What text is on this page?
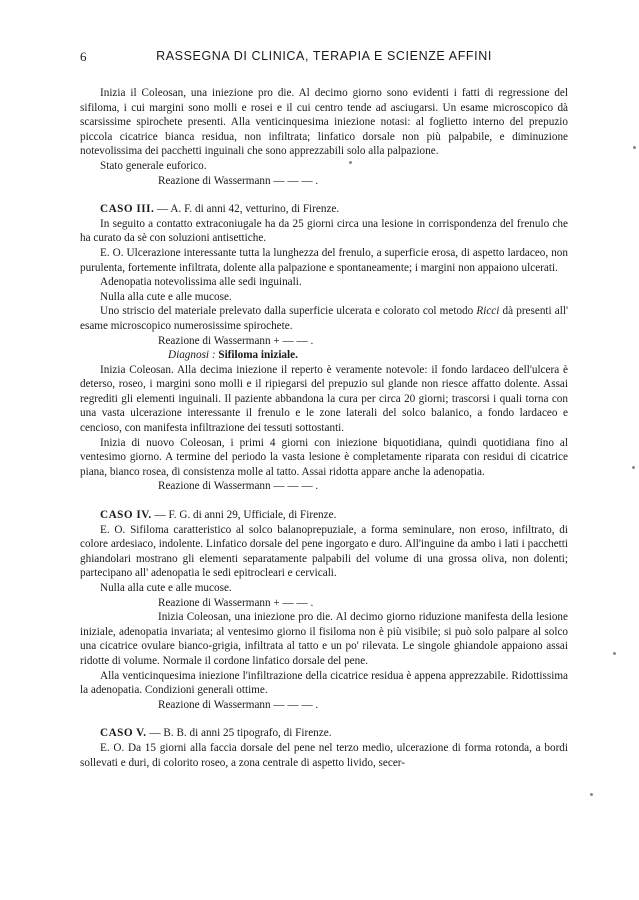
6	RASSEGNA DI CLINICA, TERAPIA E SCIENZE AFFINI

Inizia il Coleosan, una iniezione pro die. Al decimo giorno sono evidenti i fatti di regressione del sifiloma, i cui margini sono molli e rosei e il cui centro tende ad asciugarsi. Un esame microscopico dà scarsissime spirochete presenti. Alla venticinquesima iniezione notasi: al foglietto interno del prepuzio piccola cicatrice bianca residua, non infiltrata; linfatico dorsale non più palpabile, e diminuzione notevolissima dei pacchetti inguinali che sono apprezzabili solo alla palpazione.

Stato generale euforico.

Reazione di Wassermann — — — .

CASO III. — A. F. di anni 42, vetturino, di Firenze.

In seguito a contatto extraconiugale ha da 25 giorni circa una lesione in corrispondenza del frenulo che ha curato da sè con soluzioni antisettiche.

E. O. Ulcerazione interessante tutta la lunghezza del frenulo, a superficie erosa, di aspetto lardaceo, non purulenta, fortemente infiltrata, dolente alla palpazione e spontaneamente; i margini non appaiono ulcerati.

Adenopatia notevolissima alle sedi inguinali.

Nulla alla cute e alle mucose.

Uno striscio del materiale prelevato dalla superficie ulcerata e colorato col metodo Ricci dà presenti all' esame microscopico numerosissime spirochete.

Reazione di Wassermann + — — .

Diagnosi : Sifiloma iniziale.

Inizia Coleosan. Alla decima iniezione il reperto è veramente notevole: il fondo lardaceo dell'ulcera è deterso, roseo, i margini sono molli e il ripiegarsi del prepuzio sul glande non riesce affatto dolente. Assai regrediti gli elementi inguinali. Il paziente abbandona la cura per circa 20 giorni; trascorsi i quali torna con una vasta ulcerazione interessante il frenulo e le zone laterali del solco balanico, a fondo lardaceo e cencioso, con manifesta infiltrazione dei tessuti sottostanti.

Inizia di nuovo Coleosan, i primi 4 giorni con iniezione biquotidiana, quindi quotidiana fino al ventesimo giorno. A termine del periodo la vasta lesione è completamente riparata con residui di cicatrice piana, bianco rosea, di consistenza molle al tatto. Assai ridotta appare anche la adenopatia.

Reazione di Wassermann — — — .

CASO IV. — F. G. di anni 29, Ufficiale, di Firenze.

E. O. Sifiloma caratteristico al solco balanoprepuziale, a forma seminulare, non eroso, infiltrato, di colore ardesiaco, indolente. Linfatico dorsale del pene ingorgato e duro. All'inguine da ambo i lati i pacchetti ghiandolari mostrano gli elementi separatamente palpabili del volume di una grossa oliva, non dolenti; partecipano all' adenopatia le sedi epitrocleari e cervicali.

Nulla alla cute e alle mucose.

Reazione di Wassermann + — — .

Inizia Coleosan, una iniezione pro die. Al decimo giorno riduzione manifesta della lesione iniziale, adenopatia invariata; al ventesimo giorno il fisiloma non è più visibile; si può solo palpare al solco una cicatrice ovulare bianco-grigia, infiltrata al tatto e un po' rilevata. Le singole ghiandole appaiono assai ridotte di volume. Normale il cordone linfatico dorsale del pene.

Alla venticinquesima iniezione l'infiltrazione della cicatrice residua è appena apprezzabile. Ridottissima la adenopatia. Condizioni generali ottime.

Reazione di Wassermann — — — .

CASO V. — B. B. di anni 25 tipografo, di Firenze.

E. O. Da 15 giorni alla faccia dorsale del pene nel terzo medio, ulcerazione di forma rotonda, a bordi sollevati e duri, di colorito roseo, a zona centrale di aspetto livido, secer-
